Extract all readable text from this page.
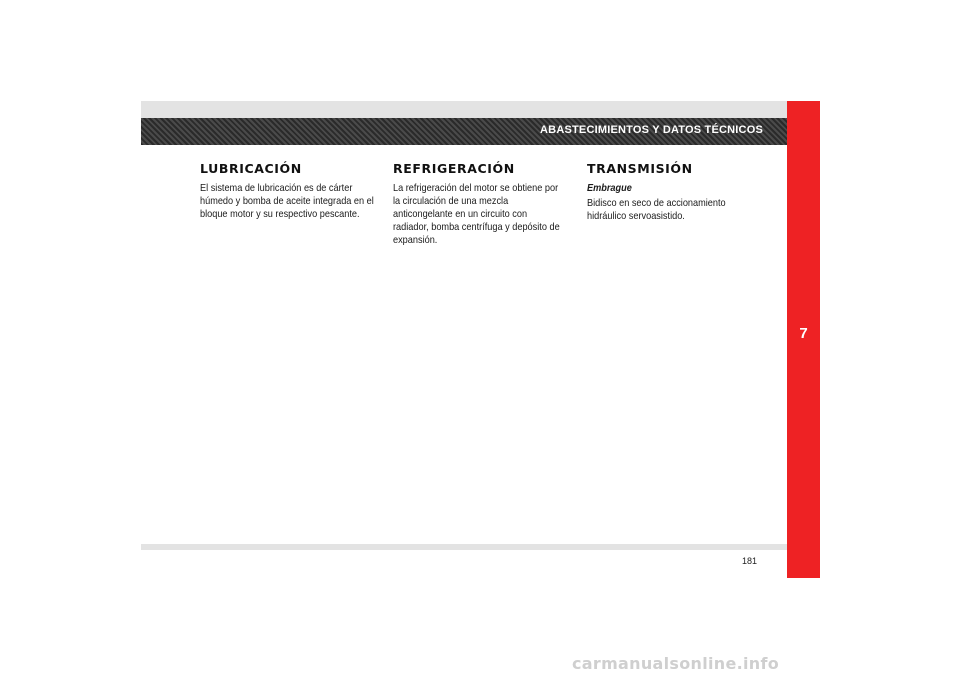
ABASTECIMIENTOS Y DATOS TÉCNICOS
7
LUBRICACIÓN

El sistema de lubricación es de cárter húmedo y bomba de aceite integrada en el bloque motor y su respectivo pescante.

REFRIGERACIÓN

La refrigeración del motor se obtiene por la circulación de una mezcla anticongelante en un circuito con radiador, bomba centrífuga y depósito de expansión.

TRANSMISIÓN

Embrague

Bidisco en seco de accionamiento hidráulico servoasistido.

181
carmanualsonline.info
